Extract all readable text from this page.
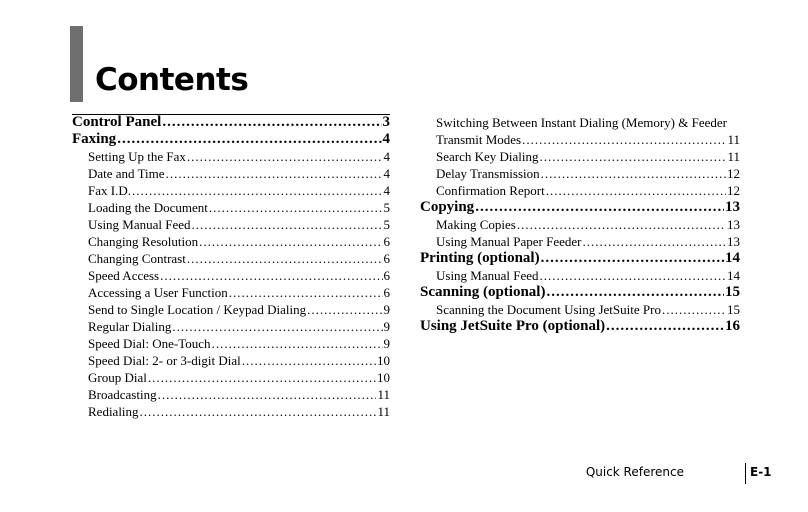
Contents
Control Panel .....	3
Faxing .....	4
Setting Up the Fax .....	4
Date and Time .....	4
Fax I.D. .....	4
Loading the Document .....	5
Using Manual Feed .....	5
Changing Resolution .....	6
Changing Contrast .....	6
Speed Access .....	6
Accessing a User Function .....	6
Send to Single Location / Keypad Dialing .....	9
Regular Dialing .....	9
Speed Dial: One-Touch .....	9
Speed Dial: 2- or 3-digit Dial .....	10
Group Dial .....	10
Broadcasting .....	11
Redialing .....	11
Switching Between Instant Dialing (Memory) & Feeder
Transmit Modes .....	11
Search Key Dialing .....	11
Delay Transmission .....	12
Confirmation Report .....	12
Copying .....	13
Making Copies .....	13
Using Manual Paper Feeder .....	13
Printing (optional) .....	14
Using Manual Feed .....	14
Scanning (optional) .....	15
Scanning the Document Using JetSuite Pro .....	15
Using JetSuite Pro (optional) .....	16
Quick Reference	E-1
